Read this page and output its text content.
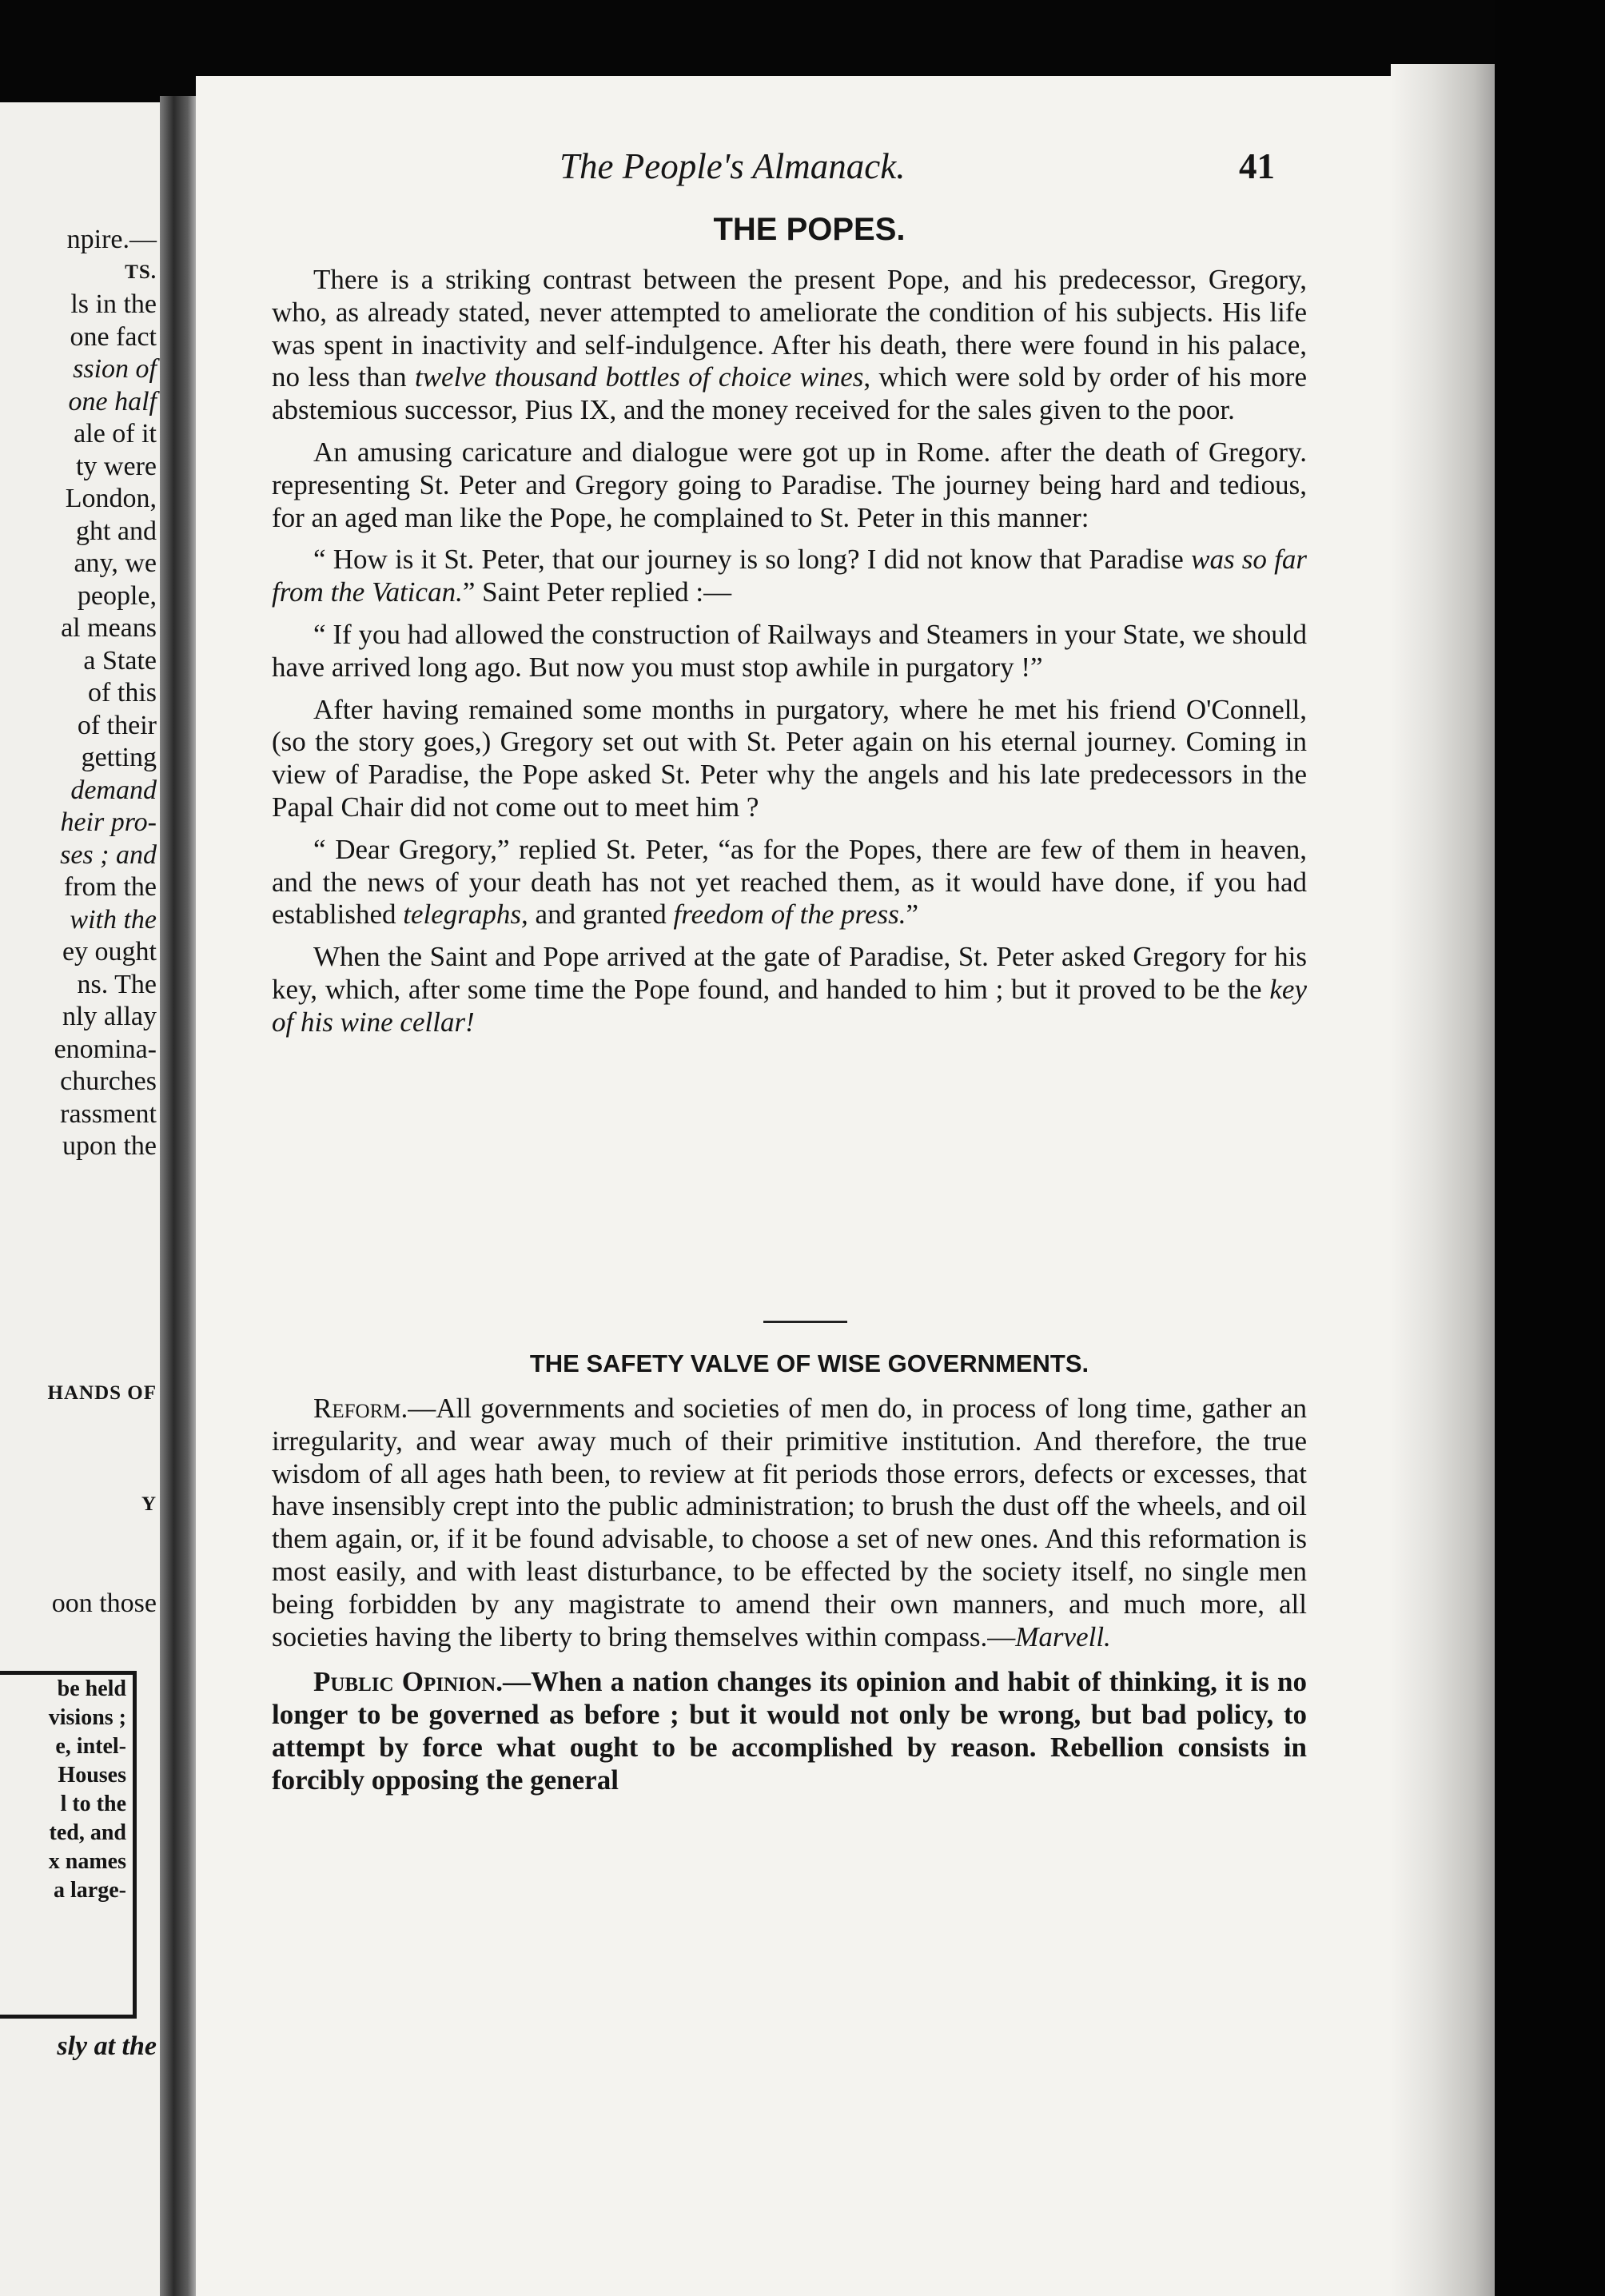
npire.—
TS.
ls in the
one fact
ssion of
one half
ale of it
ty were
London,
ght and
any, we
people,
al means
a State
of this
of their
getting
demand
heir pro-
ses ; and
from the
with the
ey ought
ns. The
nly allay
enomina-
churches
rassment
upon the
HANDS OF
Y
oon those
be held
visions ;
e, intel-
Houses
l to the
ted, and
x names
a large-
sly at the
The People's Almanack.	41
THE POPES.

There is a striking contrast between the present Pope, and his predecessor, Gregory, who, as already stated, never attempted to ameliorate the condition of his subjects. His life was spent in inactivity and self-indulgence. After his death, there were found in his palace, no less than twelve thousand bottles of choice wines, which were sold by order of his more abstemious successor, Pius IX, and the money received for the sales given to the poor.

An amusing caricature and dialogue were got up in Rome. after the death of Gregory. representing St. Peter and Gregory going to Paradise. The journey being hard and tedious, for an aged man like the Pope, he complained to St. Peter in this manner:

“ How is it St. Peter, that our journey is so long? I did not know that Paradise was so far from the Vatican.” Saint Peter replied :—

“ If you had allowed the construction of Railways and Steamers in your State, we should have arrived long ago. But now you must stop awhile in purgatory !”

After having remained some months in purgatory, where he met his friend O'Connell, (so the story goes,) Gregory set out with St. Peter again on his eternal journey. Coming in view of Paradise, the Pope asked St. Peter why the angels and his late predecessors in the Papal Chair did not come out to meet him ?

“ Dear Gregory,” replied St. Peter, “as for the Popes, there are few of them in heaven, and the news of your death has not yet reached them, as it would have done, if you had established telegraphs, and granted freedom of the press.”

When the Saint and Pope arrived at the gate of Paradise, St. Peter asked Gregory for his key, which, after some time the Pope found, and handed to him ; but it proved to be the key of his wine cellar!

THE SAFETY VALVE OF WISE GOVERNMENTS.

Reform.—All governments and societies of men do, in process of long time, gather an irregularity, and wear away much of their primitive institution. And therefore, the true wisdom of all ages hath been, to review at fit periods those errors, defects or excesses, that have insensibly crept into the public administration; to brush the dust off the wheels, and oil them again, or, if it be found advisable, to choose a set of new ones. And this reformation is most easily, and with least disturbance, to be effected by the society itself, no single men being forbidden by any magistrate to amend their own manners, and much more, all societies having the liberty to bring themselves within compass.—Marvell.

Public Opinion.—When a nation changes its opinion and habit of thinking, it is no longer to be governed as before ; but it would not only be wrong, but bad policy, to attempt by force what ought to be accomplished by reason. Rebellion consists in forcibly opposing the general
